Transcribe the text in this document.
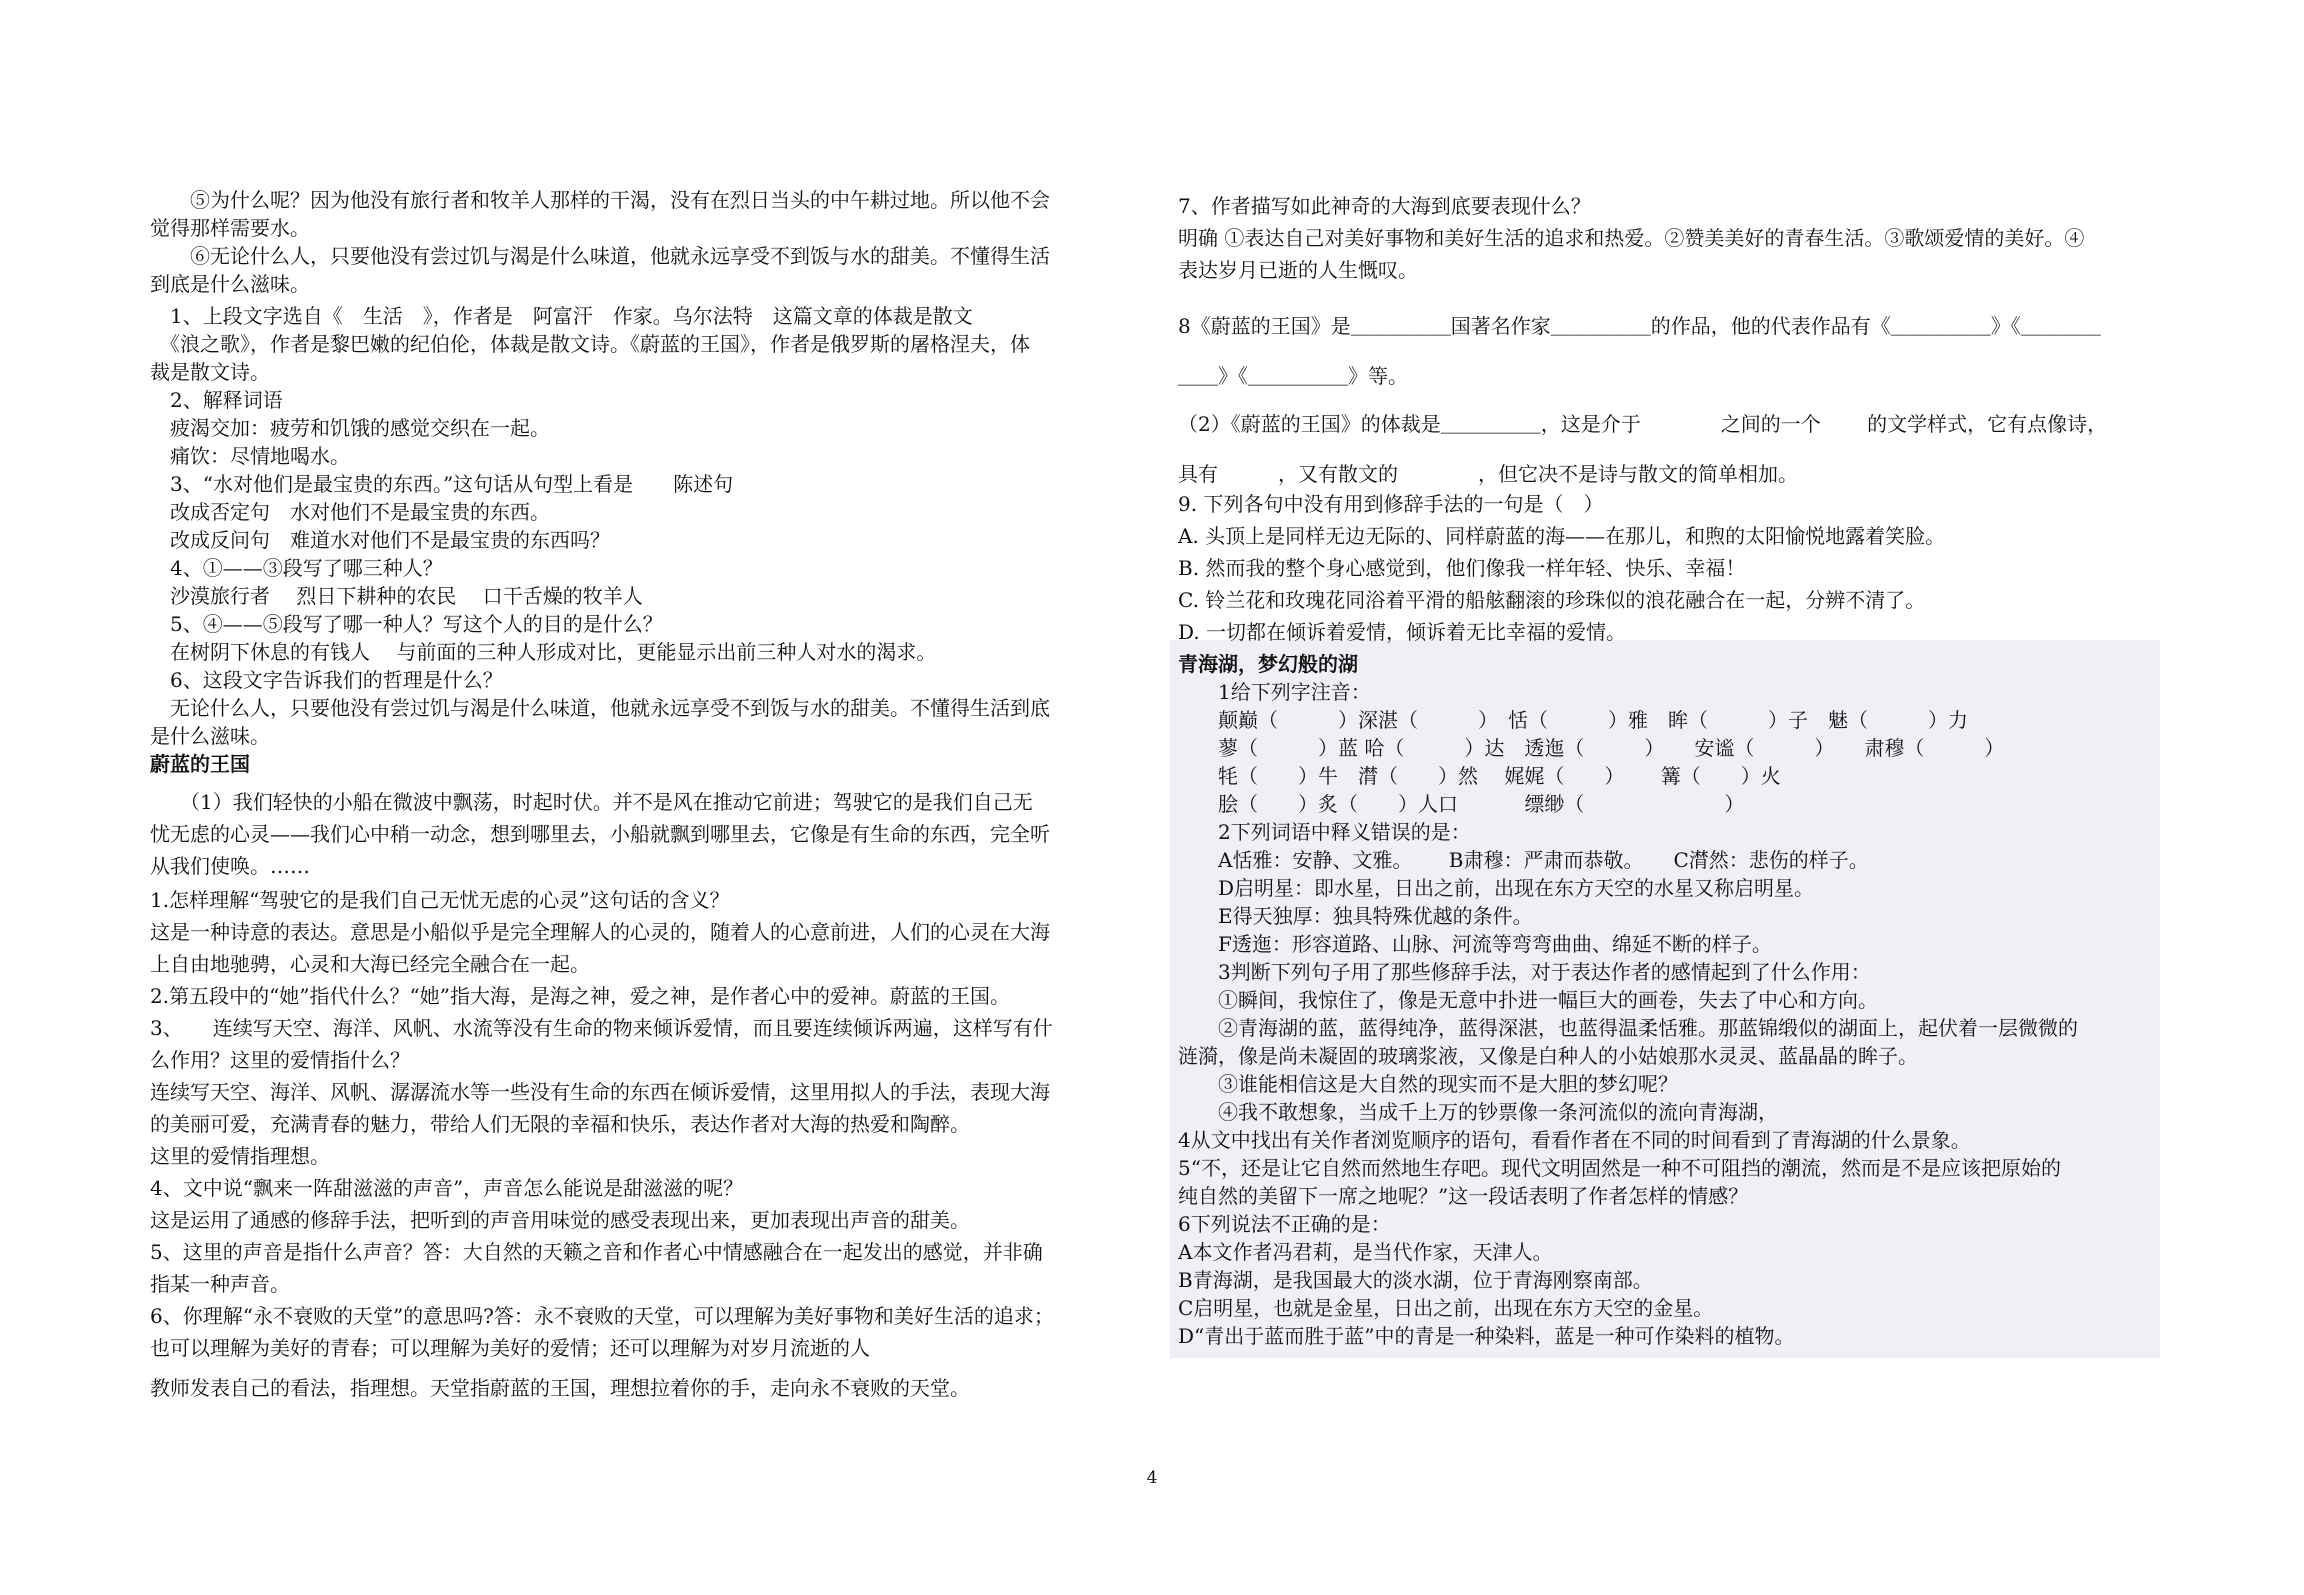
　　⑤为什么呢？因为他没有旅行者和牧羊人那样的干渴，没有在烈日当头的中午耕过地。所以他不会
觉得那样需要水。
　　⑥无论什么人，只要他没有尝过饥与渴是什么味道，他就永远享受不到饭与水的甜美。不懂得生活
到底是什么滋味。
　1、上段文字选自《　生活　》，作者是　阿富汗　作家。乌尔法特　这篇文章的体裁是散文
　《浪之歌》，作者是黎巴嫩的纪伯伦，体裁是散文诗。《蔚蓝的王国》，作者是俄罗斯的屠格涅夫，体
裁是散文诗。
　2、解释词语
　疲渴交加：疲劳和饥饿的感觉交织在一起。
　痛饮：尽情地喝水。
　3、“水对他们是最宝贵的东西。”这句话从句型上看是　　陈述句
　改成否定句　水对他们不是最宝贵的东西。
　改成反问句　难道水对他们不是最宝贵的东西吗？
　4、①——③段写了哪三种人？
　沙漠旅行者　 烈日下耕种的农民　 口干舌燥的牧羊人
　5、④——⑤段写了哪一种人？写这个人的目的是什么？
　在树阴下休息的有钱人　 与前面的三种人形成对比，更能显示出前三种人对水的渴求。
　6、这段文字告诉我们的哲理是什么？
　无论什么人，只要他没有尝过饥与渴是什么味道，他就永远享受不到饭与水的甜美。不懂得生活到底
是什么滋味。
蔚蓝的王国
　　（1）我们轻快的小船在微波中飘荡，时起时伏。并不是风在推动它前进；驾驶它的是我们自己无
忧无虑的心灵——我们心中稍一动念，想到哪里去，小船就飘到哪里去，它像是有生命的东西，完全听
从我们使唤。……
1.怎样理解“驾驶它的是我们自己无忧无虑的心灵”这句话的含义？
这是一种诗意的表达。意思是小船似乎是完全理解人的心灵的，随着人的心意前进，人们的心灵在大海
上自由地驰骋，心灵和大海已经完全融合在一起。
2.第五段中的“她”指代什么？“她”指大海，是海之神，爱之神，是作者心中的爱神。蔚蓝的王国。
3、　　连续写天空、海洋、风帆、水流等没有生命的物来倾诉爱情，而且要连续倾诉两遍，这样写有什
么作用？这里的爱情指什么？
连续写天空、海洋、风帆、潺潺流水等一些没有生命的东西在倾诉爱情，这里用拟人的手法，表现大海
的美丽可爱，充满青春的魅力，带给人们无限的幸福和快乐，表达作者对大海的热爱和陶醉。
这里的爱情指理想。
4、文中说“飘来一阵甜滋滋的声音”，声音怎么能说是甜滋滋的呢？
这是运用了通感的修辞手法，把听到的声音用味觉的感受表现出来，更加表现出声音的甜美。
5、这里的声音是指什么声音？答：大自然的天籁之音和作者心中情感融合在一起发出的感觉，并非确
指某一种声音。
6、你理解“永不衰败的天堂”的意思吗?答：永不衰败的天堂，可以理解为美好事物和美好生活的追求；
也可以理解为美好的青春；可以理解为美好的爱情；还可以理解为对岁月流逝的人
教师发表自己的看法，指理想。天堂指蔚蓝的王国，理想拉着你的手，走向永不衰败的天堂。
7、作者描写如此神奇的大海到底要表现什么？
明确 ①表达自己对美好事物和美好生活的追求和热爱。②赞美美好的青春生活。③歌颂爱情的美好。④
表达岁月已逝的人生慨叹。
8《蔚蓝的王国》是＿＿＿＿＿国著名作家＿＿＿＿＿的作品，他的代表作品有《＿＿＿＿＿》《＿＿＿＿
＿＿》《＿＿＿＿＿》等。
（2）《蔚蓝的王国》的体裁是＿＿＿＿＿，这是介于　　　　之间的一个　　 的文学样式，它有点像诗，
具有　　　，又有散文的　　　　，但它决不是诗与散文的简单相加。
9. 下列各句中没有用到修辞手法的一句是（　）
A. 头顶上是同样无边无际的、同样蔚蓝的海——在那儿，和煦的太阳愉悦地露着笑脸。
B. 然而我的整个身心感觉到，他们像我一样年轻、快乐、幸福！
C. 铃兰花和玫瑰花同浴着平滑的船舷翻滚的珍珠似的浪花融合在一起，分辨不清了。
D. 一切都在倾诉着爱情，倾诉着无比幸福的爱情。
青海湖，梦幻般的湖
　　1给下列字注音：
　　颠巅（　　　）深湛（　　　）　恬（　　　）雅　眸（　　　）子　魅（　　　）力
　　蓼（　　　）蓝 哈（　　　）达　透迤（　　　）　　安谧（　　　）　　肃穆（　　　）
　　牦（　　）牛　潸（　　）然　 娓娓（　　）　　 篝（　　）火
　　脍（　　）炙（　　）人口　　　 缥缈（　　　　　　　）
　　2下列词语中释义错误的是：
　　A恬雅：安静、文雅。　　 B肃穆：严肃而恭敬。　　C潸然：悲伤的样子。
　　D启明星：即水星，日出之前，出现在东方天空的水星又称启明星。
　　E得天独厚：独具特殊优越的条件。
　　F透迤：形容道路、山脉、河流等弯弯曲曲、绵延不断的样子。
　　3判断下列句子用了那些修辞手法，对于表达作者的感情起到了什么作用：
　　①瞬间，我惊住了，像是无意中扑进一幅巨大的画卷，失去了中心和方向。
　　②青海湖的蓝，蓝得纯净，蓝得深湛，也蓝得温柔恬雅。那蓝锦缎似的湖面上，起伏着一层微微的
涟漪，像是尚未凝固的玻璃浆液，又像是白种人的小姑娘那水灵灵、蓝晶晶的眸子。
　　③谁能相信这是大自然的现实而不是大胆的梦幻呢？
　　④我不敢想象，当成千上万的钞票像一条河流似的流向青海湖，
4从文中找出有关作者浏览顺序的语句，看看作者在不同的时间看到了青海湖的什么景象。
5“不，还是让它自然而然地生存吧。现代文明固然是一种不可阻挡的潮流，然而是不是应该把原始的
纯自然的美留下一席之地呢？”这一段话表明了作者怎样的情感？
6下列说法不正确的是：
A本文作者冯君莉，是当代作家，天津人。
B青海湖，是我国最大的淡水湖，位于青海刚察南部。
C启明星，也就是金星，日出之前，出现在东方天空的金星。
D“青出于蓝而胜于蓝”中的青是一种染料，蓝是一种可作染料的植物。
4
